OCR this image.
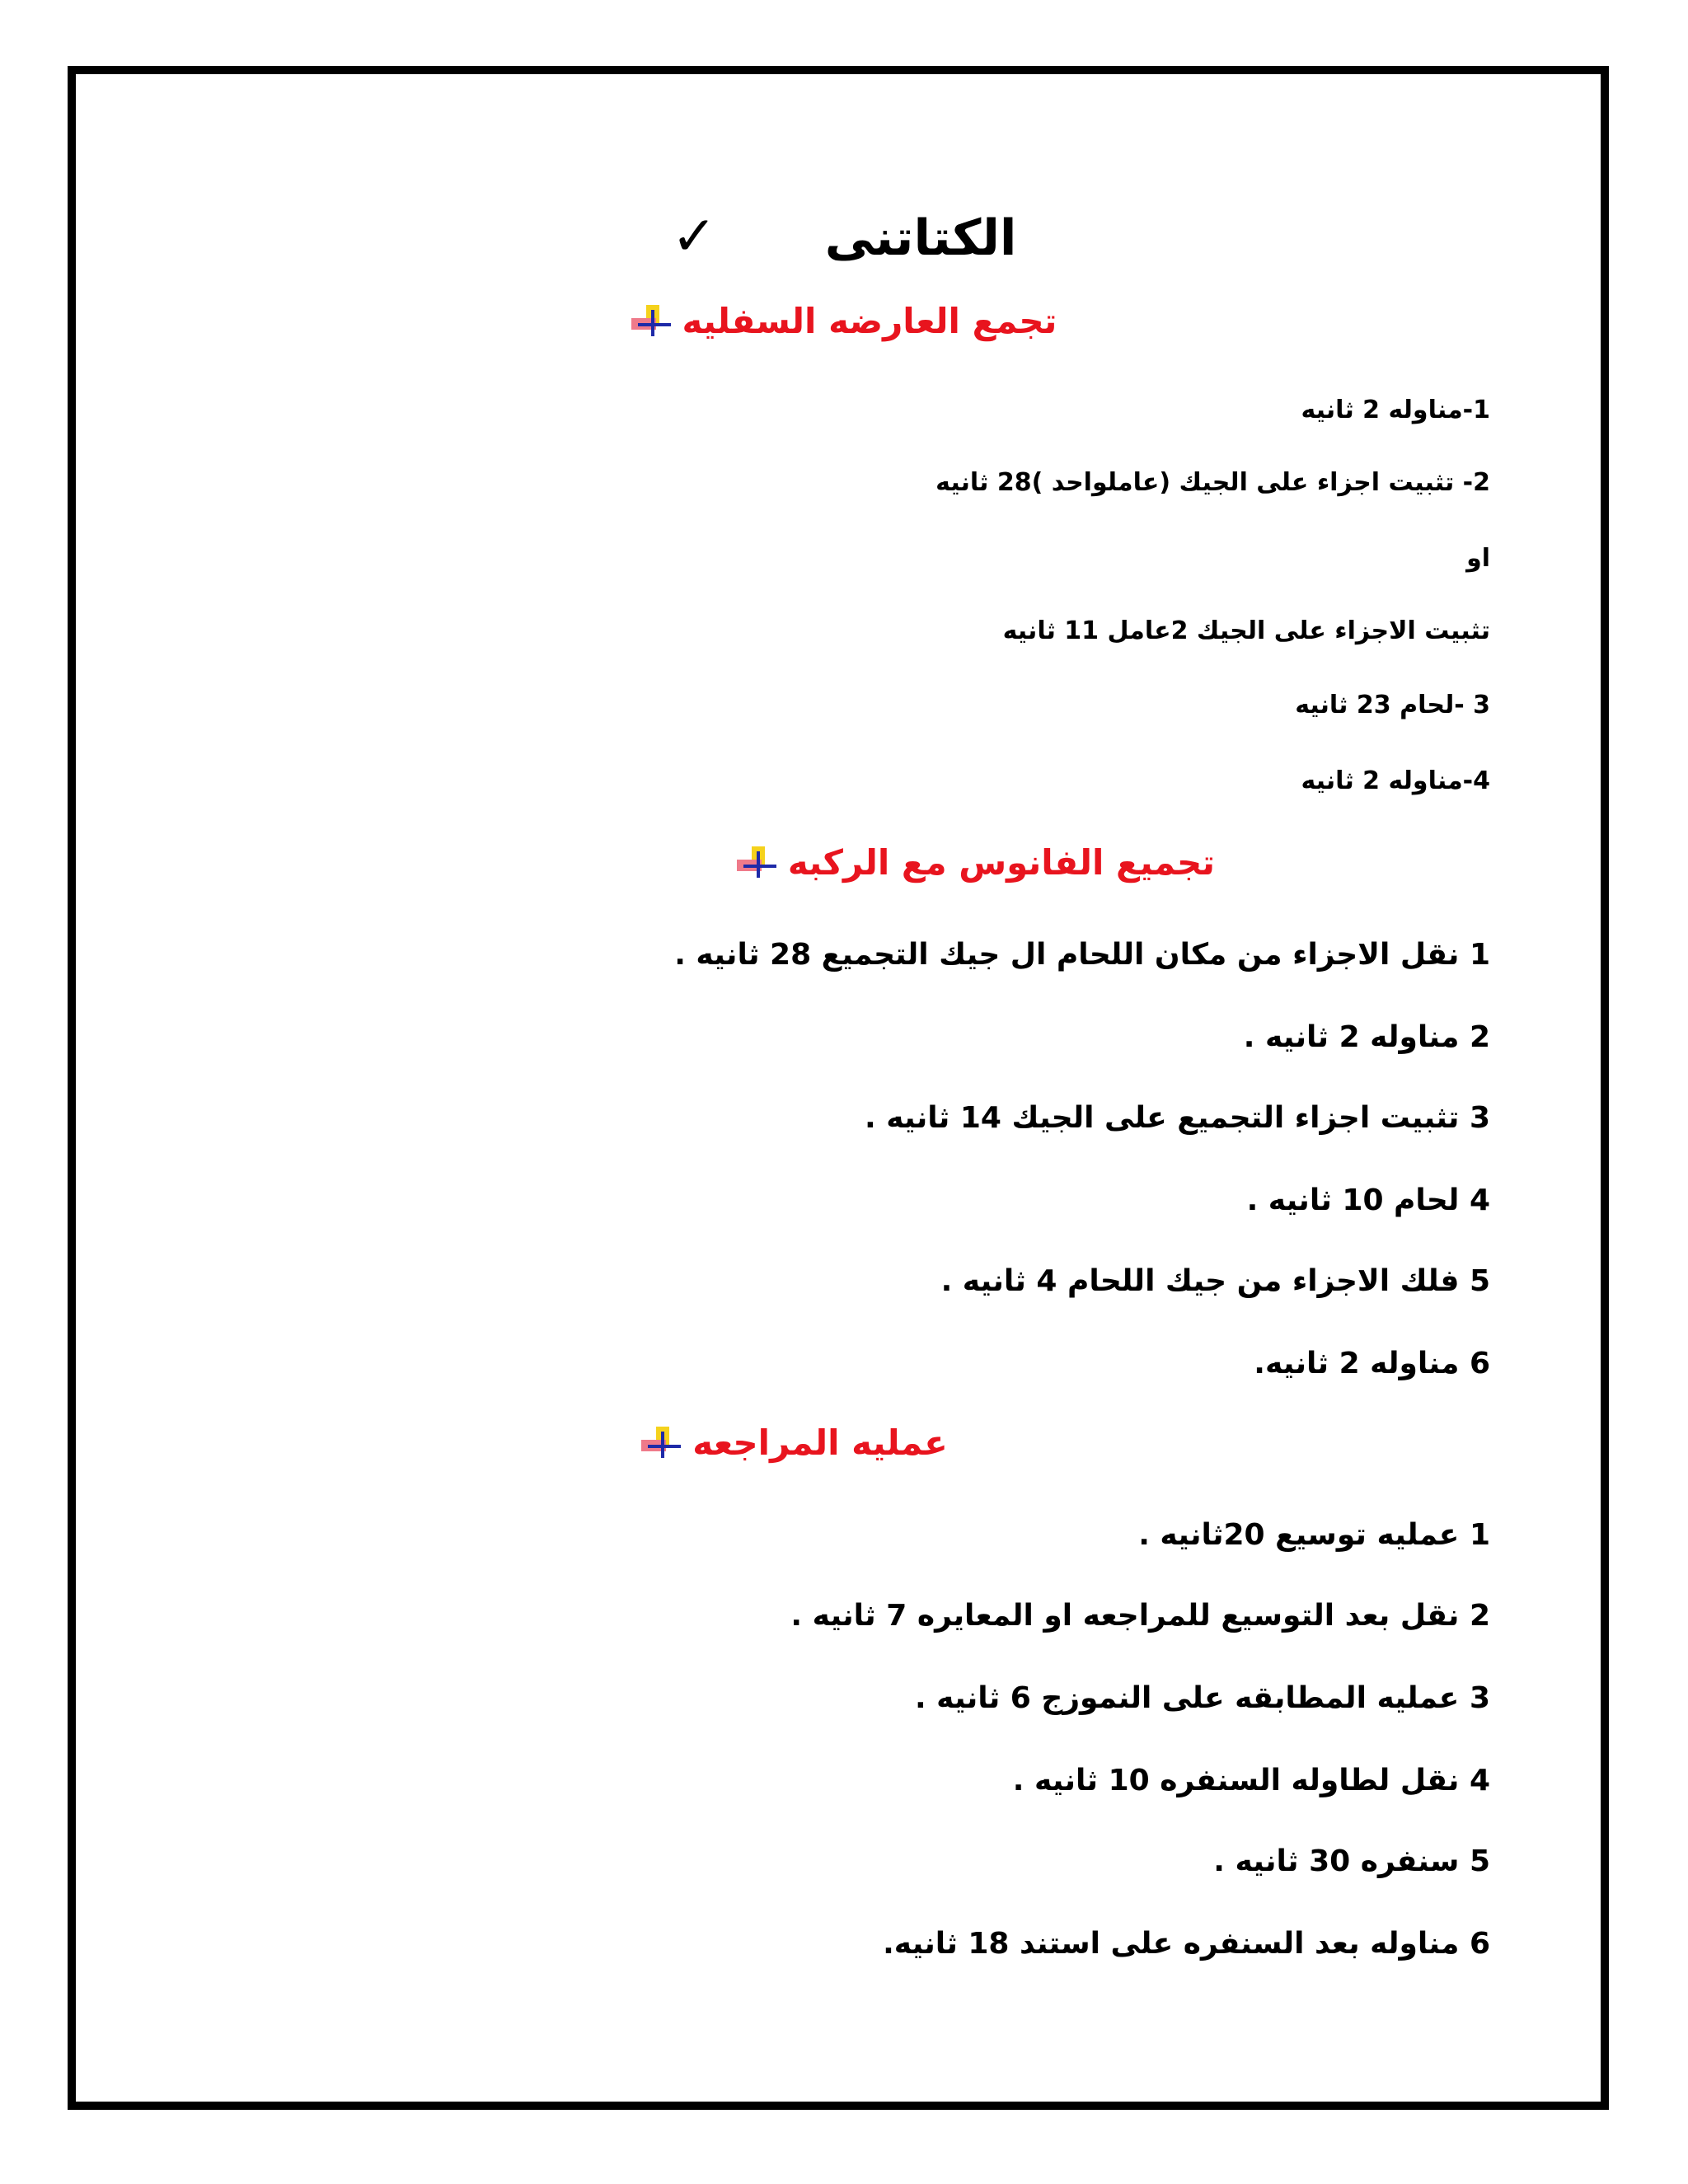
الكتاتنى ✓
تجمع العارضه السفليه
1-مناوله 2 ثانيه
2- تثبيت اجزاء على الجيك (عاملواحد )28 ثانيه
او
تثبيت الاجزاء على الجيك 2عامل 11 ثانيه
3 -لحام 23 ثانيه
4-مناوله 2 ثانيه
تجميع الفانوس مع الركبه
1 نقل الاجزاء من مكان اللحام ال جيك التجميع 28 ثانيه .
2 مناوله 2 ثانيه .
3 تثبيت اجزاء التجميع على الجيك 14 ثانيه .
4 لحام 10 ثانيه .
5 فلك الاجزاء من جيك اللحام 4 ثانيه .
6 مناوله 2 ثانيه.
عمليه المراجعه
1 عمليه توسيع 20ثانيه .
2 نقل بعد التوسيع للمراجعه او المعايره 7 ثانيه .
3 عمليه المطابقه على النموزج 6 ثانيه .
4 نقل لطاوله السنفره 10 ثانيه .
5 سنفره 30 ثانيه .
6 مناوله بعد السنفره على استند 18 ثانيه.
